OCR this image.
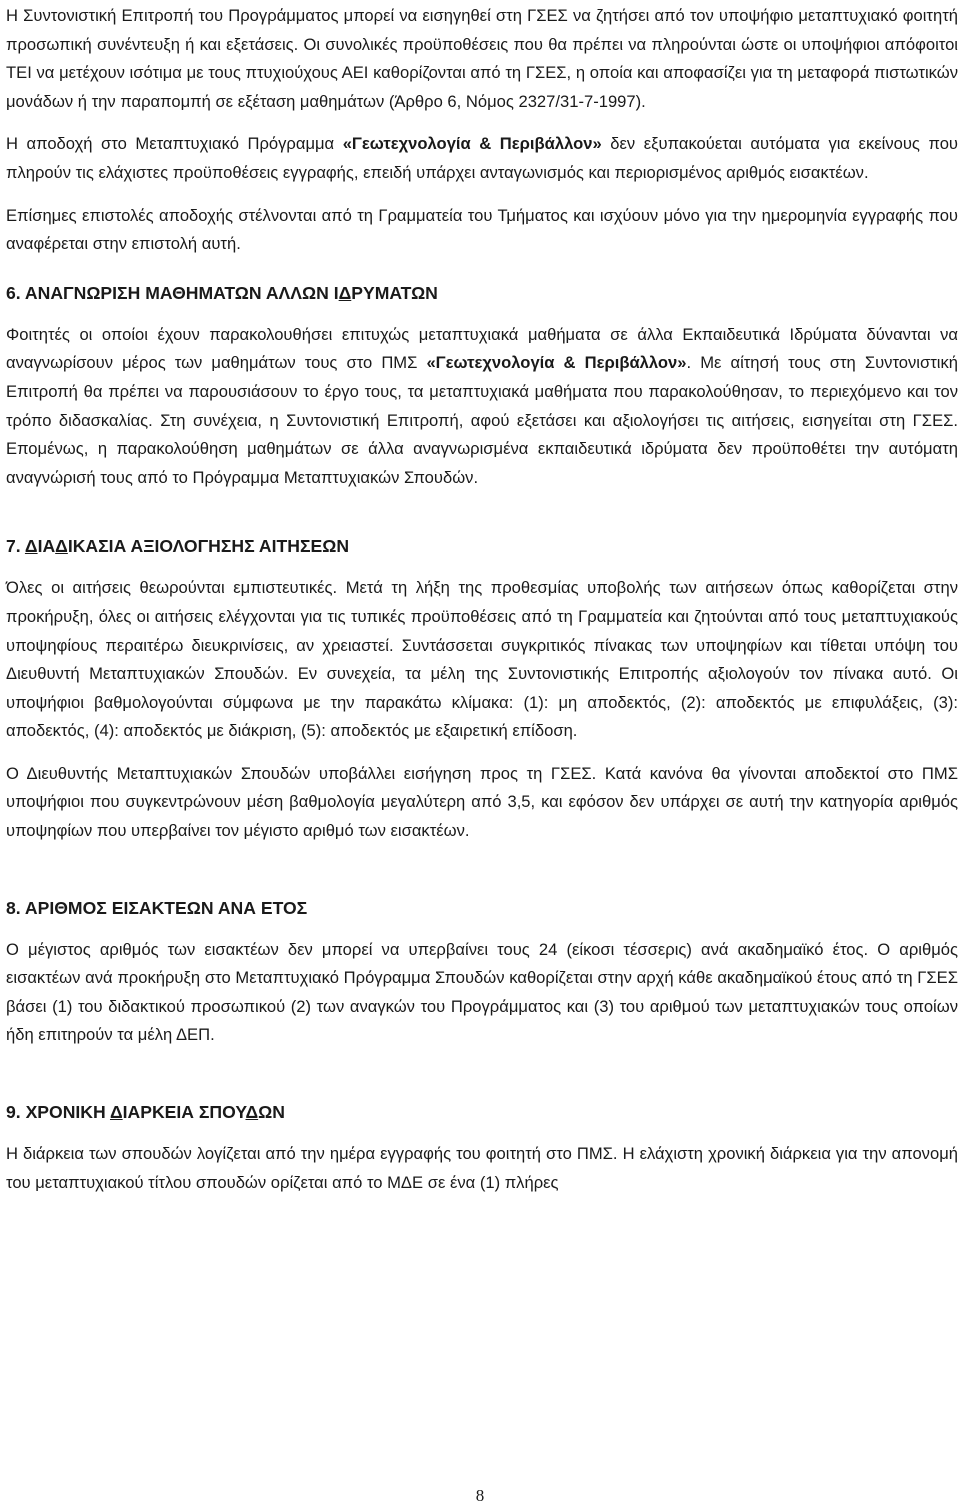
Η Συντονιστική Επιτροπή του Προγράμματος μπορεί να εισηγηθεί στη ΓΣΕΣ να ζητήσει από τον υποψήφιο μεταπτυχιακό φοιτητή προσωπική συνέντευξη ή και εξετάσεις. Οι συνολικές προϋποθέσεις που θα πρέπει να πληρούνται ώστε οι υποψήφιοι απόφοιτοι ΤΕΙ να μετέχουν ισότιμα με τους πτυχιούχους ΑΕΙ καθορίζονται από τη ΓΣΕΣ, η οποία και αποφασίζει για τη μεταφορά πιστωτικών μονάδων ή την παραπομπή σε εξέταση μαθημάτων (Άρθρο 6, Νόμος 2327/31-7-1997).

Η αποδοχή στο Μεταπτυχιακό Πρόγραμμα «Γεωτεχνολογία & Περιβάλλον» δεν εξυπακούεται αυτόματα για εκείνους που πληρούν τις ελάχιστες προϋποθέσεις εγγραφής, επειδή υπάρχει ανταγωνισμός και περιορισμένος αριθμός εισακτέων.

Επίσημες επιστολές αποδοχής στέλνονται από τη Γραμματεία του Τμήματος και ισχύουν μόνο για την ημερομηνία εγγραφής που αναφέρεται στην επιστολή αυτή.

6. ΑΝΑΓΝΩΡΙΣΗ ΜΑΘΗΜΑΤΩΝ ΑΛΛΩΝ ΙΔΡΥΜΑΤΩΝ

Φοιτητές οι οποίοι έχουν παρακολουθήσει επιτυχώς μεταπτυχιακά μαθήματα σε άλλα Εκπαιδευτικά Ιδρύματα δύνανται να αναγνωρίσουν μέρος των μαθημάτων τους στο ΠΜΣ «Γεωτεχνολογία & Περιβάλλον». Με αίτησή τους στη Συντονιστική Επιτροπή θα πρέπει να παρουσιάσουν το έργο τους, τα μεταπτυχιακά μαθήματα που παρακολούθησαν, το περιεχόμενο και τον τρόπο διδασκαλίας. Στη συνέχεια, η Συντονιστική Επιτροπή, αφού εξετάσει και αξιολογήσει τις αιτήσεις, εισηγείται στη ΓΣΕΣ. Επομένως, η παρακολούθηση μαθημάτων σε άλλα αναγνωρισμένα εκπαιδευτικά ιδρύματα δεν προϋποθέτει την αυτόματη αναγνώρισή τους από το Πρόγραμμα Μεταπτυχιακών Σπουδών.

7. ΔΙΑΔΙΚΑΣΙΑ ΑΞΙΟΛΟΓΗΣΗΣ ΑΙΤΗΣΕΩΝ

Όλες οι αιτήσεις θεωρούνται εμπιστευτικές. Μετά τη λήξη της προθεσμίας υποβολής των αιτήσεων όπως καθορίζεται στην προκήρυξη, όλες οι αιτήσεις ελέγχονται για τις τυπικές προϋποθέσεις από τη Γραμματεία και ζητούνται από τους μεταπτυχιακούς υποψηφίους περαιτέρω διευκρινίσεις, αν χρειαστεί. Συντάσσεται συγκριτικός πίνακας των υποψηφίων και τίθεται υπόψη του Διευθυντή Μεταπτυχιακών Σπουδών. Εν συνεχεία, τα μέλη της Συντονιστικής Επιτροπής αξιολογούν τον πίνακα αυτό. Οι υποψήφιοι βαθμολογούνται σύμφωνα με την παρακάτω κλίμακα: (1): μη αποδεκτός, (2): αποδεκτός με επιφυλάξεις, (3): αποδεκτός, (4): αποδεκτός με διάκριση, (5): αποδεκτός με εξαιρετική επίδοση.

Ο Διευθυντής Μεταπτυχιακών Σπουδών υποβάλλει εισήγηση προς τη ΓΣΕΣ. Κατά κανόνα θα γίνονται αποδεκτοί στο ΠΜΣ υποψήφιοι που συγκεντρώνουν μέση βαθμολογία μεγαλύτερη από 3,5, και εφόσον δεν υπάρχει σε αυτή την κατηγορία αριθμός υποψηφίων που υπερβαίνει τον μέγιστο αριθμό των εισακτέων.

8. ΑΡΙΘΜΟΣ ΕΙΣΑΚΤΕΩΝ ΑΝΑ ΕΤΟΣ

Ο μέγιστος αριθμός των εισακτέων δεν μπορεί να υπερβαίνει τους 24 (είκοσι τέσσερις) ανά ακαδημαϊκό έτος. Ο αριθμός εισακτέων ανά προκήρυξη στο Μεταπτυχιακό Πρόγραμμα Σπουδών καθορίζεται στην αρχή κάθε ακαδημαϊκού έτους από τη ΓΣΕΣ βάσει (1) του διδακτικού προσωπικού (2) των αναγκών του Προγράμματος και (3) του αριθμού των μεταπτυχιακών τους οποίων ήδη επιτηρούν τα μέλη ΔΕΠ.

9. ΧΡΟΝΙΚΗ ΔΙΑΡΚΕΙΑ ΣΠΟΥΔΩΝ

Η διάρκεια των σπουδών λογίζεται από την ημέρα εγγραφής του φοιτητή στο ΠΜΣ. Η ελάχιστη χρονική διάρκεια για την απονομή του μεταπτυχιακού τίτλου σπουδών ορίζεται από το ΜΔΕ σε ένα (1) πλήρες

8
